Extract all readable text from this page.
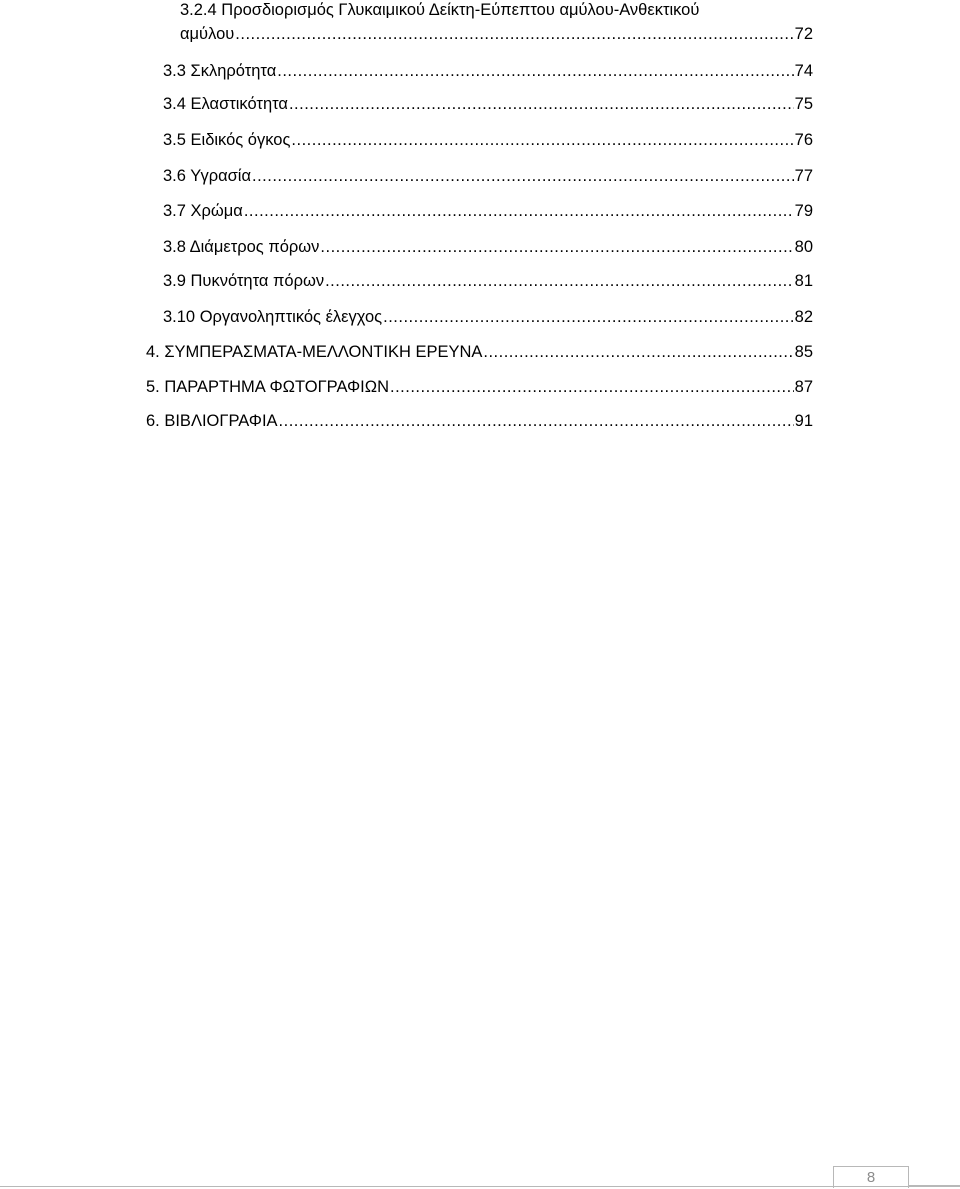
3.2.4 Προσδιορισμός Γλυκαιμικού Δείκτη-Εύπεπτου αμύλου-Ανθεκτικού
αμύλου .....	72
3.3 Σκληρότητα .....	74
3.4 Ελαστικότητα .....	75
3.5 Ειδικός όγκος .....	76
3.6 Υγρασία .....	77
3.7 Χρώμα .....	79
3.8 Διάμετρος πόρων .....	80
3.9 Πυκνότητα πόρων .....	81
3.10 Οργανοληπτικός έλεγχος .....	82
4. ΣΥΜΠΕΡΑΣΜΑΤΑ-ΜΕΛΛΟΝΤΙΚΗ ΕΡΕΥΝΑ .....	85
5. ΠΑΡΑΡΤΗΜΑ ΦΩΤΟΓΡΑΦΙΩΝ .....	87
6. ΒΙΒΛΙΟΓΡΑΦΙΑ .....	91
8
